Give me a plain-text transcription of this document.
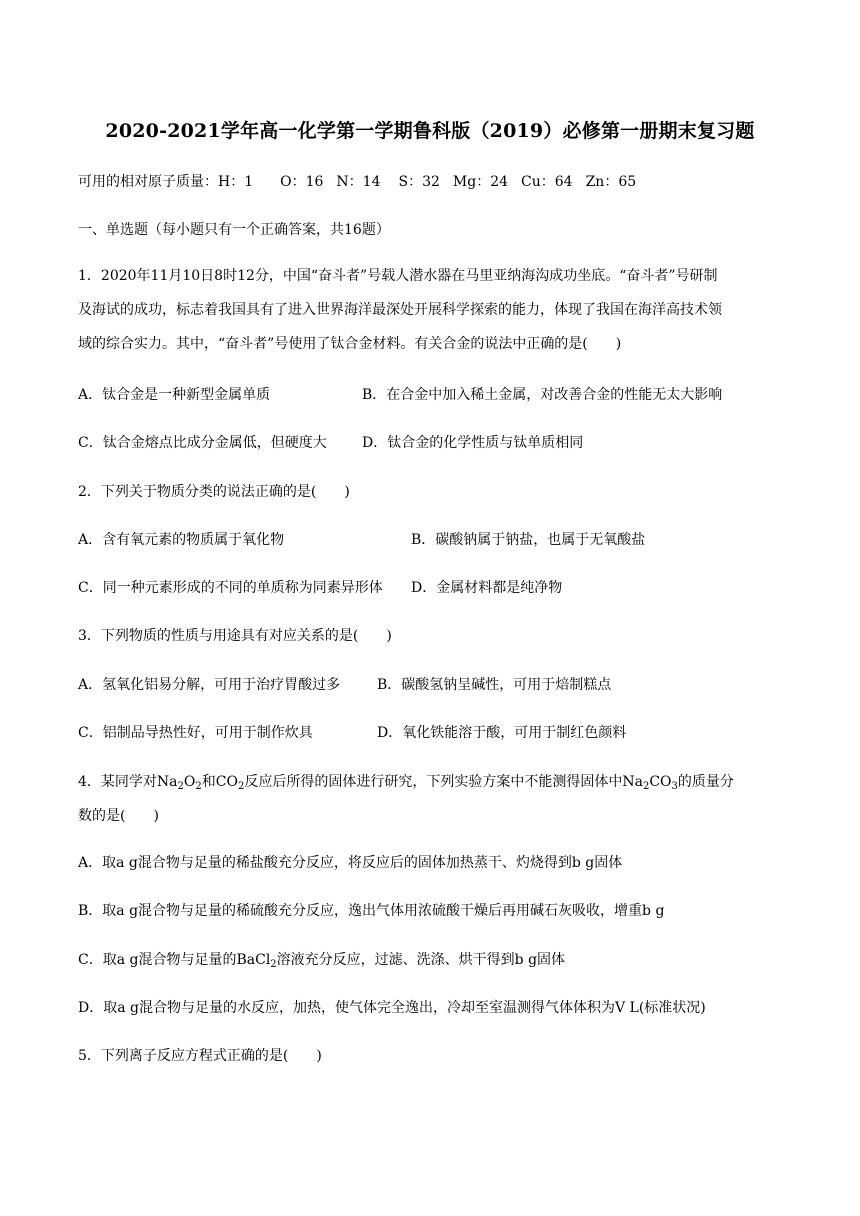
2020-2021学年高一化学第一学期鲁科版（2019）必修第一册期末复习题
可用的相对原子质量：H：1 O：16 N：14 S：32 Mg：24 Cu：64 Zn：65
一、单选题（每小题只有一个正确答案，共16题）
1．2020年11月10日8时12分，中国“奋斗者”号载人潜水器在马里亚纳海沟成功坐底。“奋斗者”号研制
及海试的成功，标志着我国具有了进入世界海洋最深处开展科学探索的能力，体现了我国在海洋高技术领
域的综合实力。其中，“奋斗者”号使用了钛合金材料。有关合金的说法中正确的是(　　)
A．钛合金是一种新型金属单质	B．在合金中加入稀土金属，对改善合金的性能无太大影响
C．钛合金熔点比成分金属低，但硬度大	D．钛合金的化学性质与钛单质相同
2．下列关于物质分类的说法正确的是(　　)
A．含有氧元素的物质属于氧化物	B．碳酸钠属于钠盐，也属于无氧酸盐
C．同一种元素形成的不同的单质称为同素异形体 D．金属材料都是纯净物
3．下列物质的性质与用途具有对应关系的是(　　)
A．氢氧化铝易分解，可用于治疗胃酸过多	B．碳酸氢钠呈碱性，可用于焙制糕点
C．铝制品导热性好，可用于制作炊具	D．氧化铁能溶于酸，可用于制红色颜料
4．某同学对$Na_2O_2$和$CO_2$反应后所得的固体进行研究，下列实验方案中不能测得固体中$Na_2CO_3$的质量分
数的是(　　)
A．取a g混合物与足量的稀盐酸充分反应，将反应后的固体加热蒸干、灼烧得到b g固体
B．取a g混合物与足量的稀硫酸充分反应，逸出气体用浓硫酸干燥后再用碱石灰吸收，增重b g
C．取a g混合物与足量的BaCl$_2$溶液充分反应，过滤、洗涤、烘干得到b g固体
D．取a g混合物与足量的水反应，加热，使气体完全逸出，冷却至室温测得气体体积为V L(标准状况)
5．下列离子反应方程式正确的是(　　)
